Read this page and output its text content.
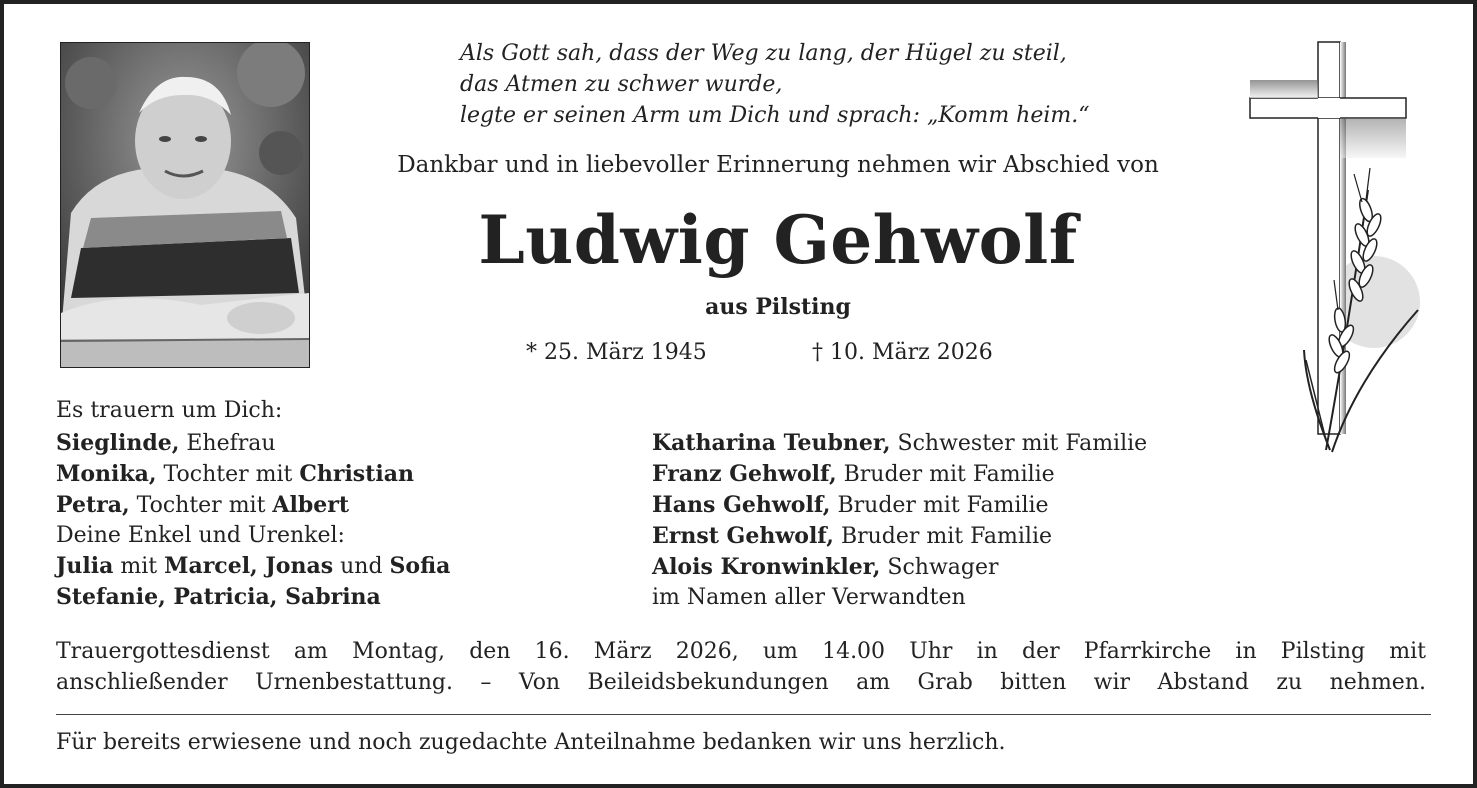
Als Gott sah, dass der Weg zu lang, der Hügel zu steil,
das Atmen zu schwer wurde,
legte er seinen Arm um Dich und sprach: „Komm heim.“
Dankbar und in liebevoller Erinnerung nehmen wir Abschied von
Ludwig Gehwolf
aus Pilsting
* 25. März 1945	† 10. März 2026
Es trauern um Dich:
Sieglinde, Ehefrau
Monika, Tochter mit Christian
Petra, Tochter mit Albert
Deine Enkel und Urenkel:
Julia mit Marcel, Jonas und Sofia
Stefanie, Patricia, Sabrina
Katharina Teubner, Schwester mit Familie
Franz Gehwolf, Bruder mit Familie
Hans Gehwolf, Bruder mit Familie
Ernst Gehwolf, Bruder mit Familie
Alois Kronwinkler, Schwager
im Namen aller Verwandten
Trauergottesdienst am Montag, den 16. März 2026, um 14.00 Uhr in der Pfarrkirche in Pilsting mit
anschließender Urnenbestattung. – Von Beileidsbekundungen am Grab bitten wir Abstand zu nehmen.
Für bereits erwiesene und noch zugedachte Anteilnahme bedanken wir uns herzlich.
